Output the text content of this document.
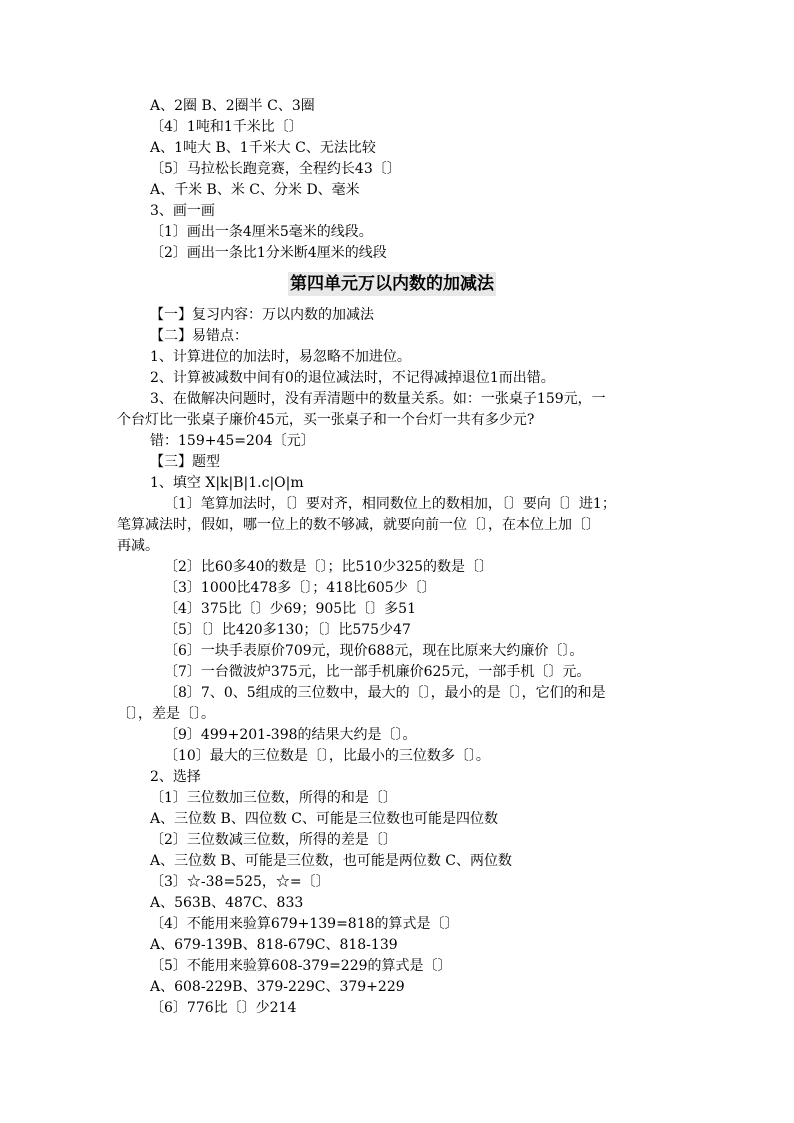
A、2圈 B、2圈半 C、3圈
〔4〕1吨和1千米比〔〕
A、1吨大 B、1千米大 C、无法比较
〔5〕马拉松长跑竞赛，全程约长43〔〕
A、千米 B、米 C、分米 D、毫米
3、画一画
〔1〕画出一条4厘米5毫米的线段。
〔2〕画出一条比1分米断4厘米的线段
第四单元万以内数的加减法
【一】复习内容：万以内数的加减法
【二】易错点：
1、计算进位的加法时，易忽略不加进位。
2、计算被减数中间有0的退位减法时，不记得减掉退位1而出错。
3、在做解决问题时，没有弄清题中的数量关系。如：一张桌子159元，一
个台灯比一张桌子廉价45元，买一张桌子和一个台灯一共有多少元?
错：159+45=204〔元〕
【三】题型
1、填空 X|k|B|1.c|O|m
〔1〕笔算加法时，〔〕要对齐，相同数位上的数相加，〔〕要向〔〕进1；
笔算减法时，假如，哪一位上的数不够减，就要向前一位〔〕，在本位上加〔〕
再减。
〔2〕比60多40的数是〔〕；比510少325的数是〔〕
〔3〕1000比478多〔〕；418比605少〔〕
〔4〕375比〔〕少69；905比〔〕多51
〔5〕〔〕比420多130；〔〕比575少47
〔6〕一块手表原价709元，现价688元，现在比原来大约廉价〔〕。
〔7〕一台微波炉375元，比一部手机廉价625元，一部手机〔〕元。
〔8〕7、0、5组成的三位数中，最大的〔〕，最小的是〔〕，它们的和是
〔〕，差是〔〕。
〔9〕499+201-398的结果大约是〔〕。
〔10〕最大的三位数是〔〕，比最小的三位数多〔〕。
2、选择
〔1〕三位数加三位数，所得的和是〔〕
A、三位数 B、四位数 C、可能是三位数也可能是四位数
〔2〕三位数减三位数，所得的差是〔〕
A、三位数 B、可能是三位数，也可能是两位数 C、两位数
〔3〕☆-38=525，☆=〔〕
A、563B、487C、833
〔4〕不能用来验算679+139=818的算式是〔〕
A、679-139B、818-679C、818-139
〔5〕不能用来验算608-379=229的算式是〔〕
A、608-229B、379-229C、379+229
〔6〕776比〔〕少214
